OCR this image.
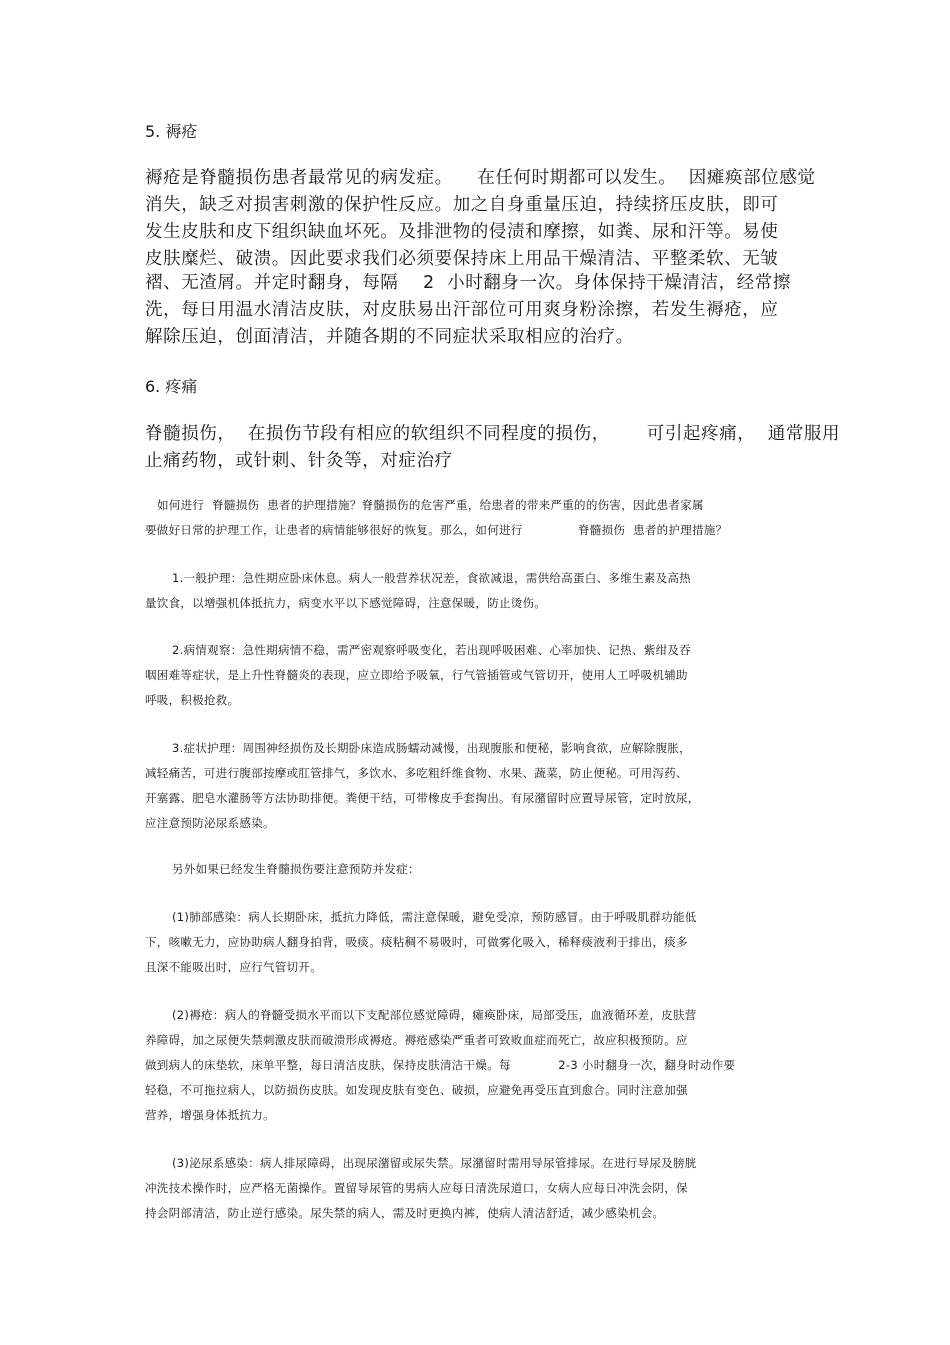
5. 褥疮
褥疮是脊髓损伤患者最常见的病发症。    在任何时期都可以发生。  因瘫痪部位感觉
消失，缺乏对损害刺激的保护性反应。加之自身重量压迫，持续挤压皮肤，即可
发生皮肤和皮下组织缺血坏死。及排泄物的侵渍和摩擦，如粪、尿和汗等。易使
皮肤糜烂、破溃。因此要求我们必须要保持床上用品干燥清洁、平整柔软、无皱
褶、无渣屑。并定时翻身，每隔    2  小时翻身一次。身体保持干燥清洁，经常擦
洗，每日用温水清洁皮肤，对皮肤易出汗部位可用爽身粉涂擦，若发生褥疮，应
解除压迫，创面清洁，并随各期的不同症状采取相应的治疗。
6. 疼痛
脊髓损伤，  在损伤节段有相应的软组织不同程度的损伤，      可引起疼痛，  通常服用
止痛药物，或针刺、针灸等，对症治疗
如何进行  脊髓损伤  患者的护理措施？脊髓损伤的危害严重，给患者的带来严重的的伤害，因此患者家属
要做好日常的护理工作，让患者的病情能够很好的恢复。那么，如何进行              脊髓损伤  患者的护理措施？
1.一般护理：急性期应卧床休息。病人一般营养状况差，食欲减退，需供给高蛋白、多维生素及高热
量饮食，以增强机体抵抗力，病变水平以下感觉障碍，注意保暖，防止烫伤。
2.病情观察：急性期病情不稳，需严密观察呼吸变化，若出现呼吸困难、心率加快、记热、紫绀及吞
咽困难等症状，是上升性脊髓炎的表现，应立即给予吸氧，行气管插管或气管切开，使用人工呼吸机辅助
呼吸，积极抢救。
3.症状护理：周围神经损伤及长期卧床造成肠蠕动减慢，出现腹胀和便秘，影响食欲，应解除腹胀，
减轻痛苦，可进行腹部按摩或肛管排气，多饮水、多吃粗纤维食物、水果、蔬菜，防止便秘。可用泻药、
开塞露、肥皂水灌肠等方法协助排便。粪便干结，可带橡皮手套掏出。有尿潴留时应置导尿管，定时放尿，
应注意预防泌尿系感染。
另外如果已经发生脊髓损伤要注意预防并发症：
(1)肺部感染：病人长期卧床，抵抗力降低，需注意保暖，避免受凉，预防感冒。由于呼吸肌群功能低
下，咳嗽无力，应协助病人翻身拍背，吸痰。痰粘稠不易吸时，可做雾化吸入，稀释痰液利于排出，痰多
且深不能吸出时，应行气管切开。
(2)褥疮：病人的脊髓受损水平而以下支配部位感觉障碍，瘫痪卧床，局部受压，血液循环差，皮肤营
养障碍，加之尿便失禁刺激皮肤而破溃形成褥疮。褥疮感染严重者可致败血症而死亡，故应积极预防。应
做到病人的床垫软，床单平整，每日清洁皮肤，保持皮肤清洁干燥。每            2-3 小时翻身一次，翻身时动作要
轻稳，不可拖拉病人，以防损伤皮肤。如发现皮肤有变色、破损，应避免再受压直到愈合。同时注意加强
营养，增强身体抵抗力。
(3)泌尿系感染：病人排尿障碍，出现尿潴留或尿失禁。尿潴留时需用导尿管排尿。在进行导尿及膀胱
冲洗技术操作时，应严格无菌操作。置留导尿管的男病人应每日清洗尿道口，女病人应每日冲洗会阴，保
持会阴部清洁，防止逆行感染。尿失禁的病人，需及时更换内裤，使病人清洁舒适，减少感染机会。
